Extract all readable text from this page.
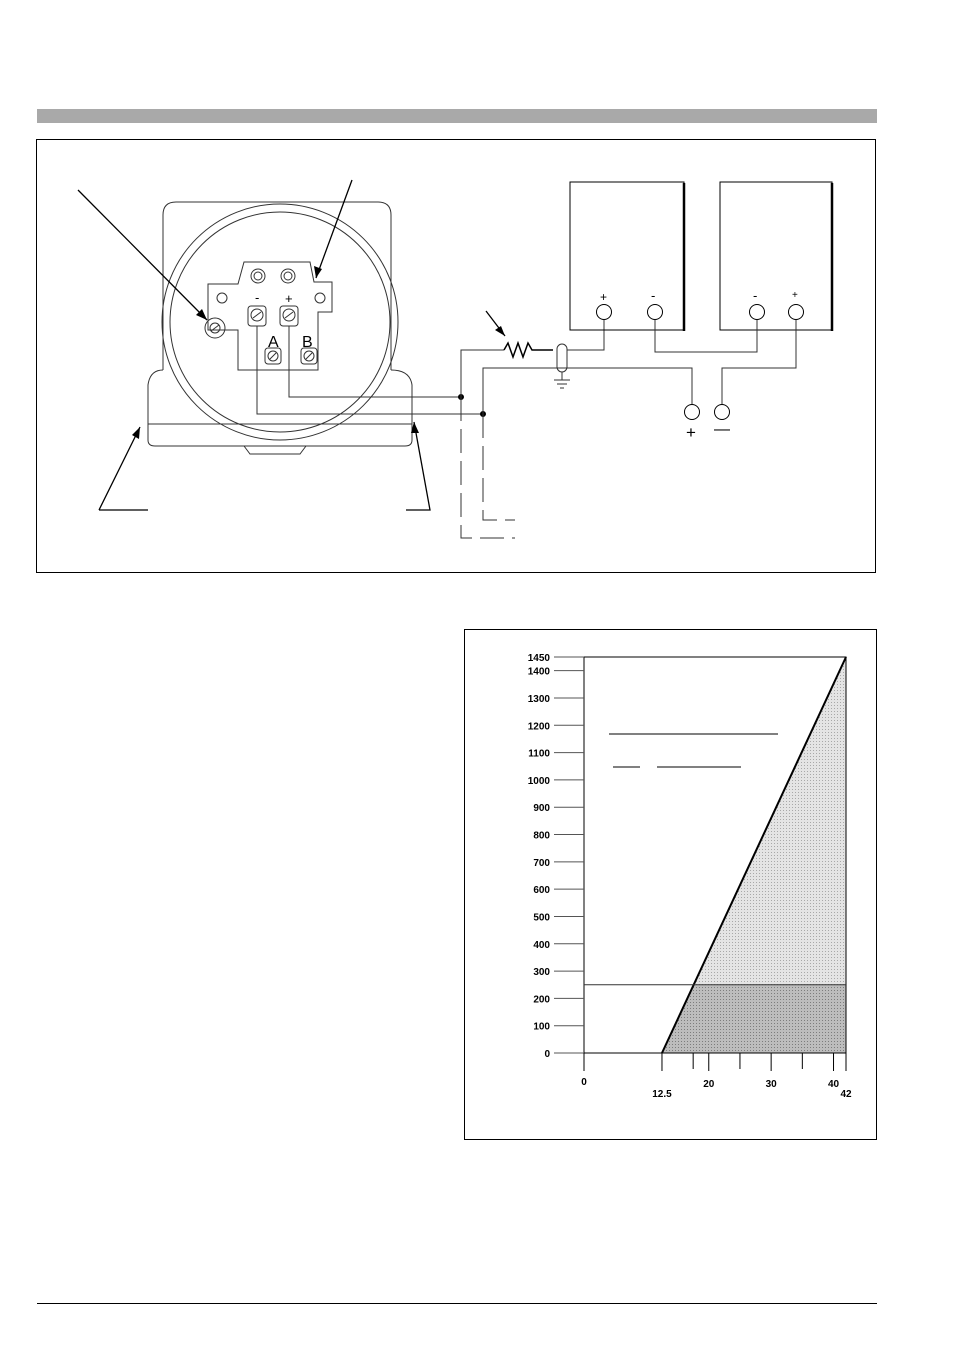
- +
A B
+	-	-	+
+ —
1450
1400
1300
1200
1100
1000
900
800
700
600
500
400
300
200
100
0
0
12.5
20	30	40
42
